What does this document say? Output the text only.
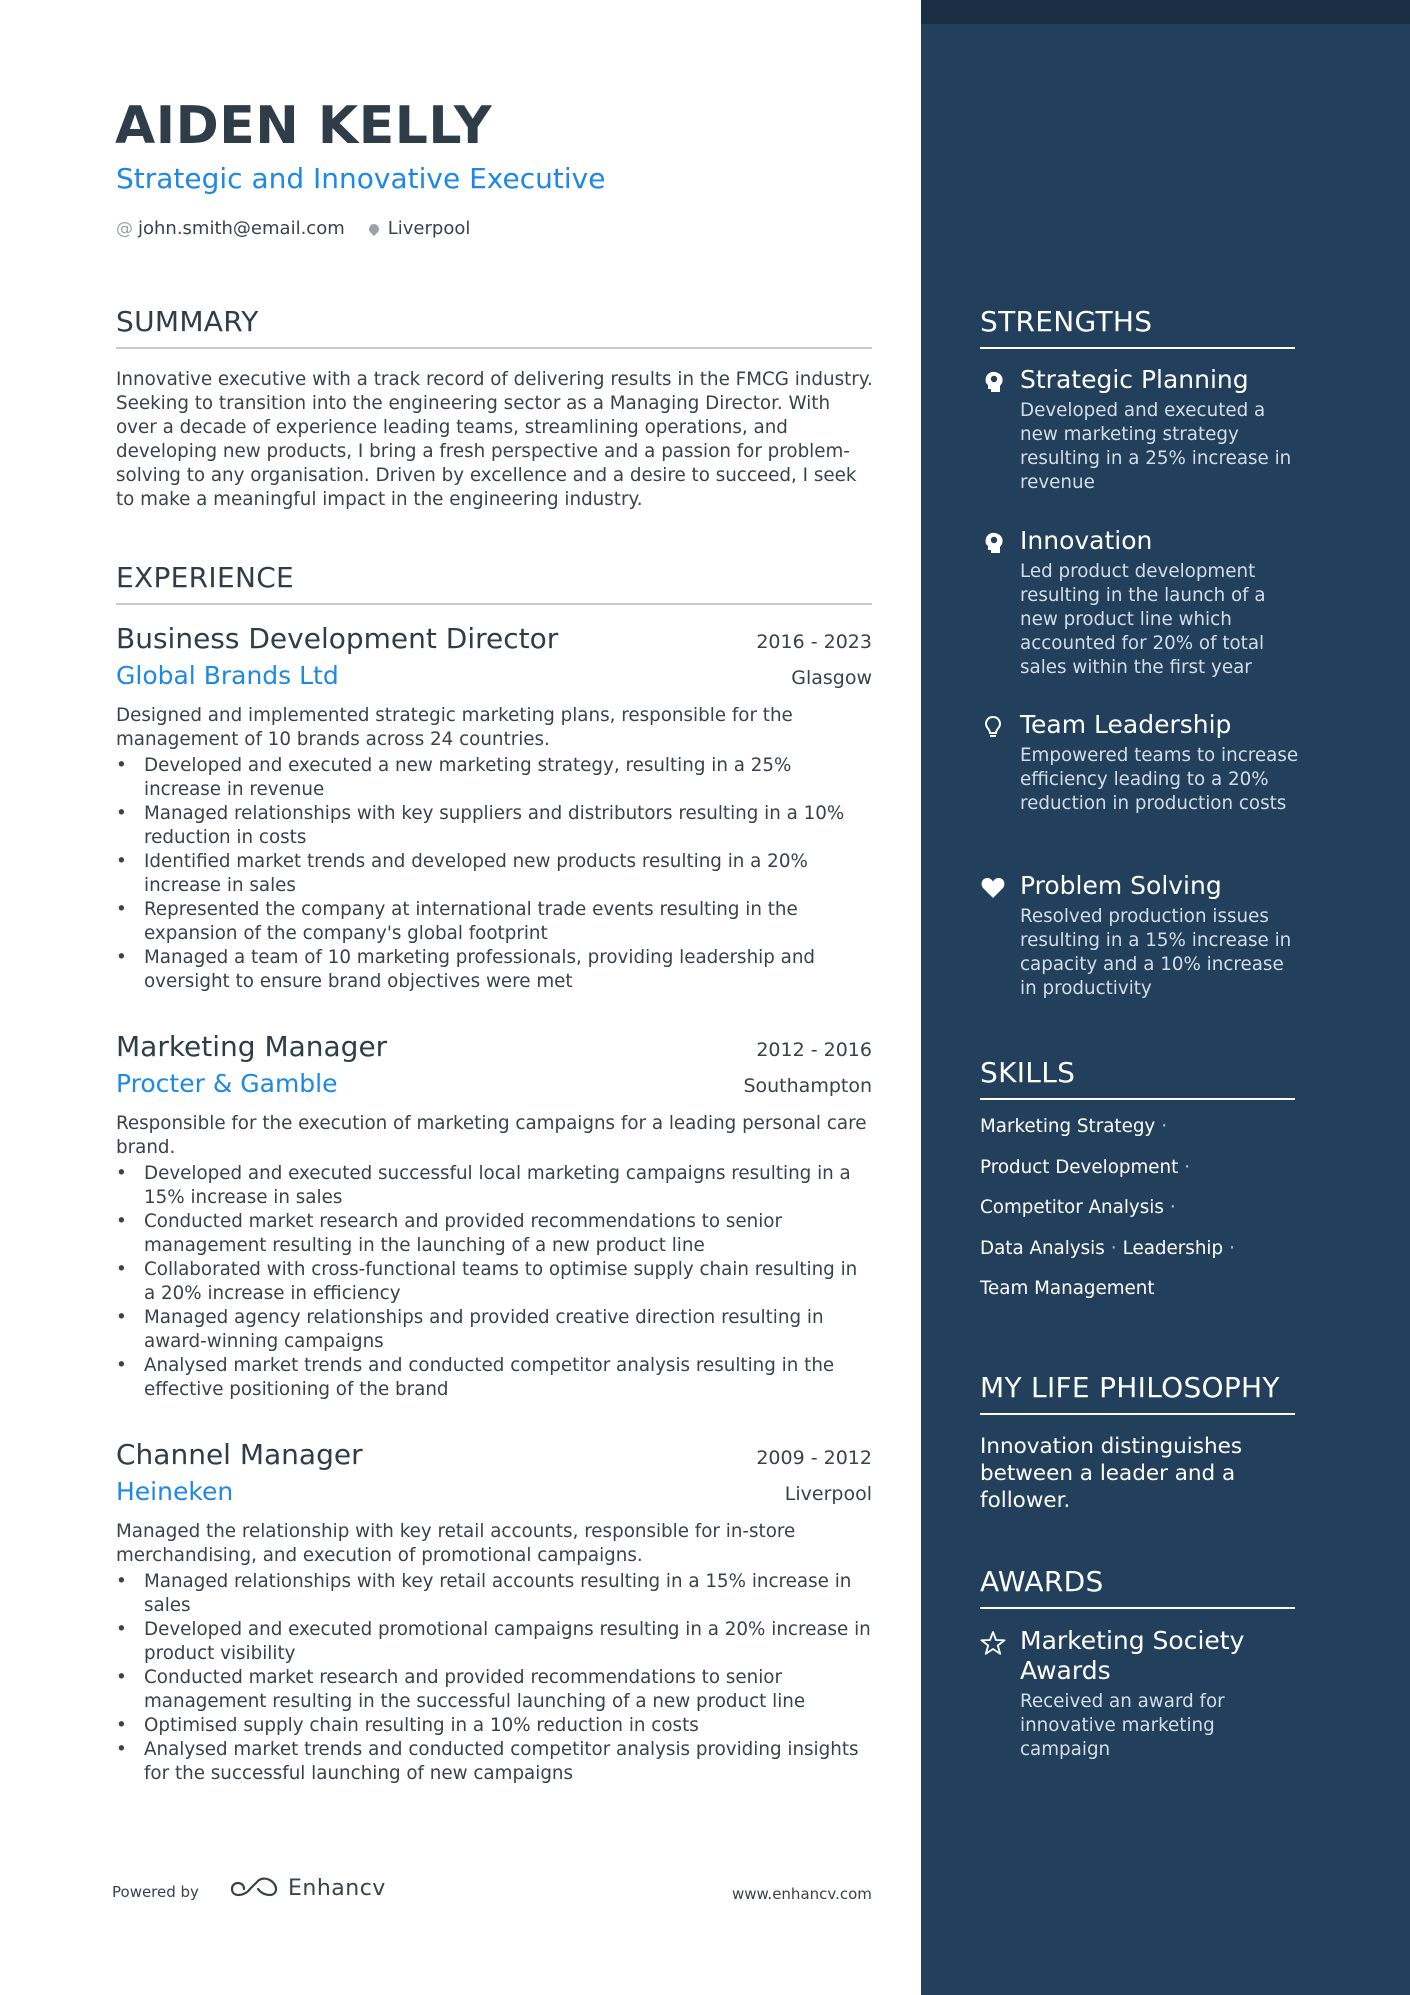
AIDEN KELLY
Strategic and Innovative Executive
@ john.smith@email.com Liverpool
SUMMARY
Innovative executive with a track record of delivering results in the FMCG industry. Seeking to transition into the engineering sector as a Managing Director. With over a decade of experience leading teams, streamlining operations, and developing new products, I bring a fresh perspective and a passion for problem-solving to any organisation. Driven by excellence and a desire to succeed, I seek to make a meaningful impact in the engineering industry.
EXPERIENCE
Business Development Director	2016 - 2023
Global Brands Ltd	Glasgow
Designed and implemented strategic marketing plans, responsible for the management of 10 brands across 24 countries.
• Developed and executed a new marketing strategy, resulting in a 25% increase in revenue
• Managed relationships with key suppliers and distributors resulting in a 10% reduction in costs
• Identified market trends and developed new products resulting in a 20% increase in sales
• Represented the company at international trade events resulting in the expansion of the company's global footprint
• Managed a team of 10 marketing professionals, providing leadership and oversight to ensure brand objectives were met
Marketing Manager	2012 - 2016
Procter & Gamble	Southampton
Responsible for the execution of marketing campaigns for a leading personal care brand.
• Developed and executed successful local marketing campaigns resulting in a 15% increase in sales
• Conducted market research and provided recommendations to senior management resulting in the launching of a new product line
• Collaborated with cross-functional teams to optimise supply chain resulting in a 20% increase in efficiency
• Managed agency relationships and provided creative direction resulting in award-winning campaigns
• Analysed market trends and conducted competitor analysis resulting in the effective positioning of the brand
Channel Manager	2009 - 2012
Heineken	Liverpool
Managed the relationship with key retail accounts, responsible for in-store merchandising, and execution of promotional campaigns.
• Managed relationships with key retail accounts resulting in a 15% increase in sales
• Developed and executed promotional campaigns resulting in a 20% increase in product visibility
• Conducted market research and provided recommendations to senior management resulting in the successful launching of a new product line
• Optimised supply chain resulting in a 10% reduction in costs
• Analysed market trends and conducted competitor analysis providing insights for the successful launching of new campaigns
Powered by	Enhancv	www.enhancv.com
STRENGTHS
Strategic Planning
Developed and executed a new marketing strategy resulting in a 25% increase in revenue
Innovation
Led product development resulting in the launch of a new product line which accounted for 20% of total sales within the first year
Team Leadership
Empowered teams to increase efficiency leading to a 20% reduction in production costs
Problem Solving
Resolved production issues resulting in a 15% increase in capacity and a 10% increase in productivity
SKILLS
Marketing Strategy ·
Product Development ·
Competitor Analysis ·
Data Analysis · Leadership ·
Team Management
MY LIFE PHILOSOPHY
Innovation distinguishes between a leader and a follower.
AWARDS
Marketing Society Awards
Received an award for innovative marketing campaign
